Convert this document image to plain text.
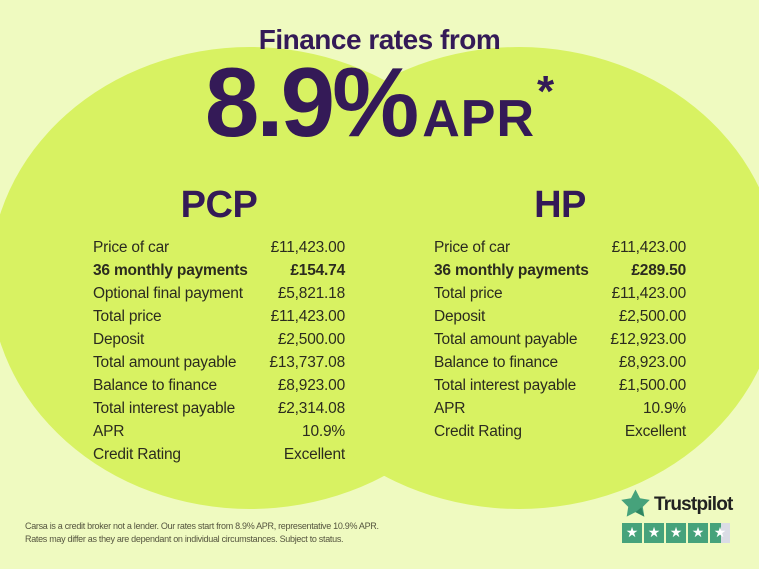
Finance rates from
8.9% APR *
PCP
Price of car	£11,423.00
36 monthly payments	£154.74
Optional final payment £5,821.18
Total price	£11,423.00
Deposit	£2,500.00
Total amount payable £13,737.08
Balance to finance	£8,923.00
Total interest payable	£2,314.08
APR	10.9%
Credit Rating	Excellent
HP
Price of car	£11,423.00
36 monthly payments	£289.50
Total price	£11,423.00
Deposit	£2,500.00
Total amount payable £12,923.00
Balance to finance	£8,923.00
Total interest payable	£1,500.00
APR	10.9%
Credit Rating	Excellent
Carsa is a credit broker not a lender. Our rates start from 8.9% APR, representative 10.9% APR.
Rates may differ as they are dependant on individual circumstances. Subject to status.
Trustpilot
★ ★ ★ ★ ★
